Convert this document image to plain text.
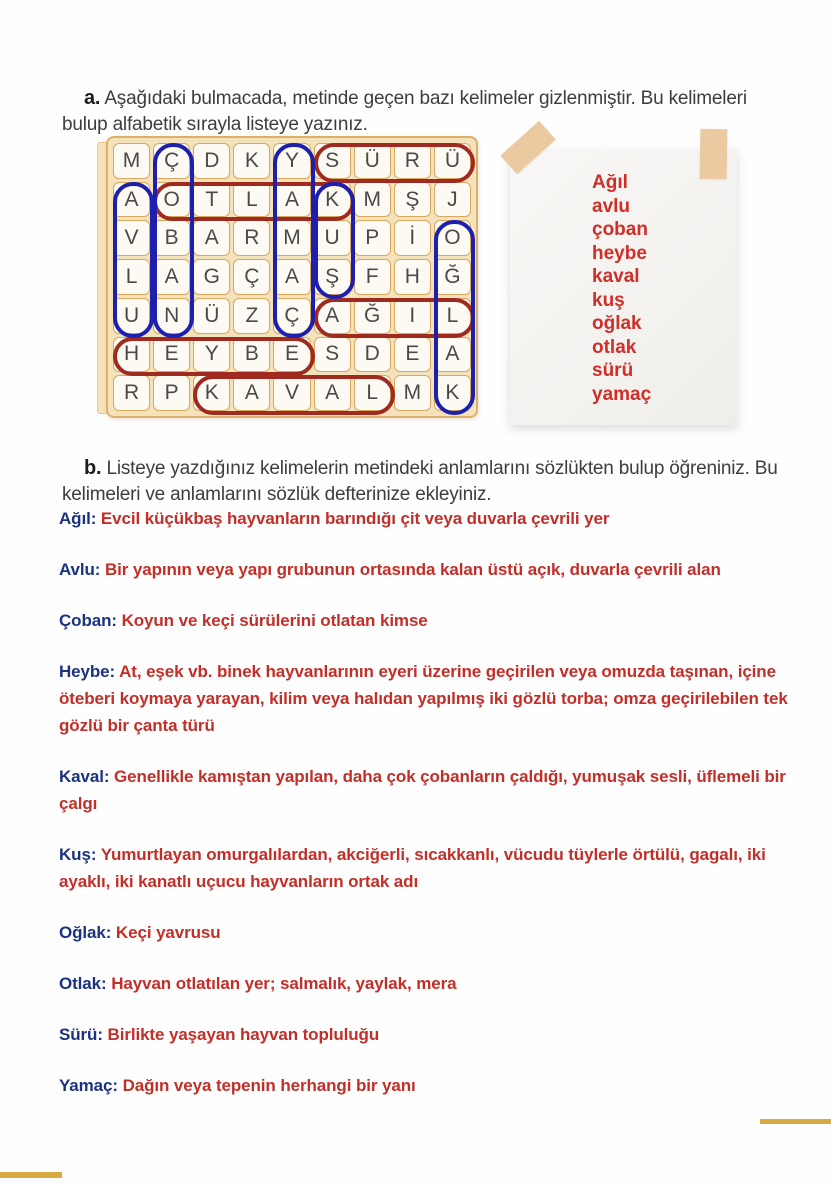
a. Aşağıdaki bulmacada, metinde geçen bazı kelimeler gizlenmiştir. Bu kelimeleri bulup alfabetik sırayla listeye yazınız.

M	Ç	D	K	Y	S	Ü	R	Ü
A	O	T	L	A	K	M	Ş	J
V	B	A	R	M	U	P	İ	O
L	A	G	Ç	A	Ş	F	H	Ğ
U	N	Ü	Z	Ç	A	Ğ	I	L
H	E	Y	B	E	S	D	E	A
R	P	K	A	V	A	L	M	K
Ağıl
avlu
çoban
heybe
kaval
kuş
oğlak
otlak
sürü
yamaç

b. Listeye yazdığınız kelimelerin metindeki anlamlarını sözlükten bulup öğreniniz. Bu kelimeleri ve anlamlarını sözlük defterinize ekleyiniz.

Ağıl: Evcil küçükbaş hayvanların barındığı çit veya duvarla çevrili yer

Avlu: Bir yapının veya yapı grubunun ortasında kalan üstü açık, duvarla çevrili alan

Çoban: Koyun ve keçi sürülerini otlatan kimse

Heybe: At, eşek vb. binek hayvanlarının eyeri üzerine geçirilen veya omuzda taşınan, içine öteberi koymaya yarayan, kilim veya halıdan yapılmış iki gözlü torba; omza geçirilebilen tek gözlü bir çanta türü

Kaval: Genellikle kamıştan yapılan, daha çok çobanların çaldığı, yumuşak sesli, üflemeli bir çalgı

Kuş: Yumurtlayan omurgalılardan, akciğerli, sıcakkanlı, vücudu tüylerle örtülü, gagalı, iki ayaklı, iki kanatlı uçucu hayvanların ortak adı

Oğlak: Keçi yavrusu

Otlak: Hayvan otlatılan yer; salmalık, yaylak, mera

Sürü: Birlikte yaşayan hayvan topluluğu

Yamaç: Dağın veya tepenin herhangi bir yanı
